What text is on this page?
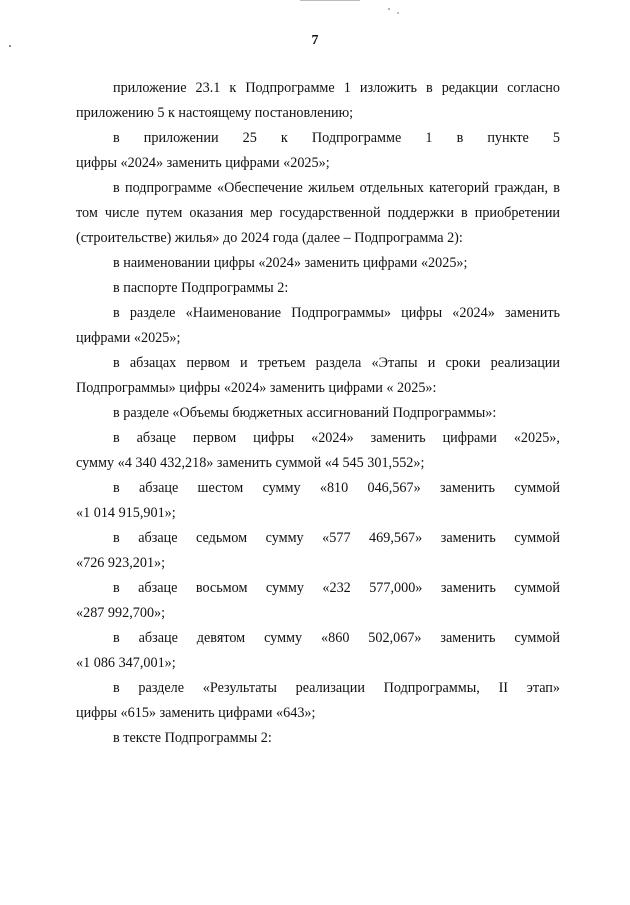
7

приложение 23.1 к Подпрограмме 1 изложить в редакции согласно приложению 5 к настоящему постановлению;

в приложении 25 к Подпрограмме 1 в пункте 5
цифры «2024» заменить цифрами «2025»;

в подпрограмме «Обеспечение жильем отдельных категорий граждан, в том числе путем оказания мер государственной поддержки в приобретении (строительстве) жилья» до 2024 года (далее – Подпрограмма 2):

в наименовании цифры «2024» заменить цифрами «2025»;

в паспорте Подпрограммы 2:

в разделе «Наименование Подпрограммы» цифры «2024» заменить цифрами «2025»;

в абзацах первом и третьем раздела «Этапы и сроки реализации Подпрограммы» цифры «2024» заменить цифрами « 2025»:

в разделе «Объемы бюджетных ассигнований Подпрограммы»:

в абзаце первом цифры «2024» заменить цифрами «2025»,
сумму «4 340 432,218» заменить суммой «4 545 301,552»;
в абзаце шестом сумму «810 046,567» заменить суммой
«1 014 915,901»;
в абзаце седьмом сумму «577 469,567» заменить суммой
«726 923,201»;
в абзаце восьмом сумму «232 577,000» заменить суммой
«287 992,700»;
в абзаце девятом сумму «860 502,067» заменить суммой
«1 086 347,001»;
в разделе «Результаты реализации Подпрограммы, II этап»
цифры «615» заменить цифрами «643»;

в тексте Подпрограммы 2:
